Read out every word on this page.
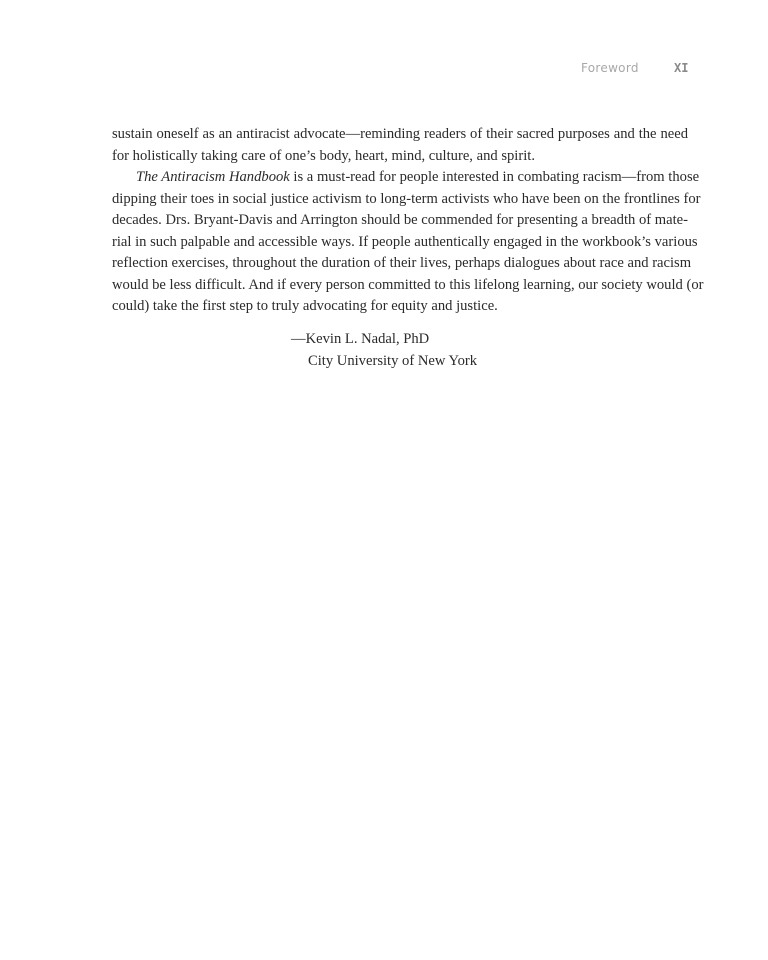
Foreword	XI
sustain oneself as an antiracist advocate—reminding readers of their sacred purposes and the need
for holistically taking care of one’s body, heart, mind, culture, and spirit.
The Antiracism Handbook is a must-read for people interested in combating racism—from those
dipping their toes in social justice activism to long-term activists who have been on the frontlines for
decades. Drs. Bryant-Davis and Arrington should be commended for presenting a breadth of mate-
rial in such palpable and accessible ways. If people authentically engaged in the workbook’s various
reflection exercises, throughout the duration of their lives, perhaps dialogues about race and racism
would be less difficult. And if every person committed to this lifelong learning, our society would (or
could) take the first step to truly advocating for equity and justice.
—Kevin L. Nadal, PhD
City University of New York
